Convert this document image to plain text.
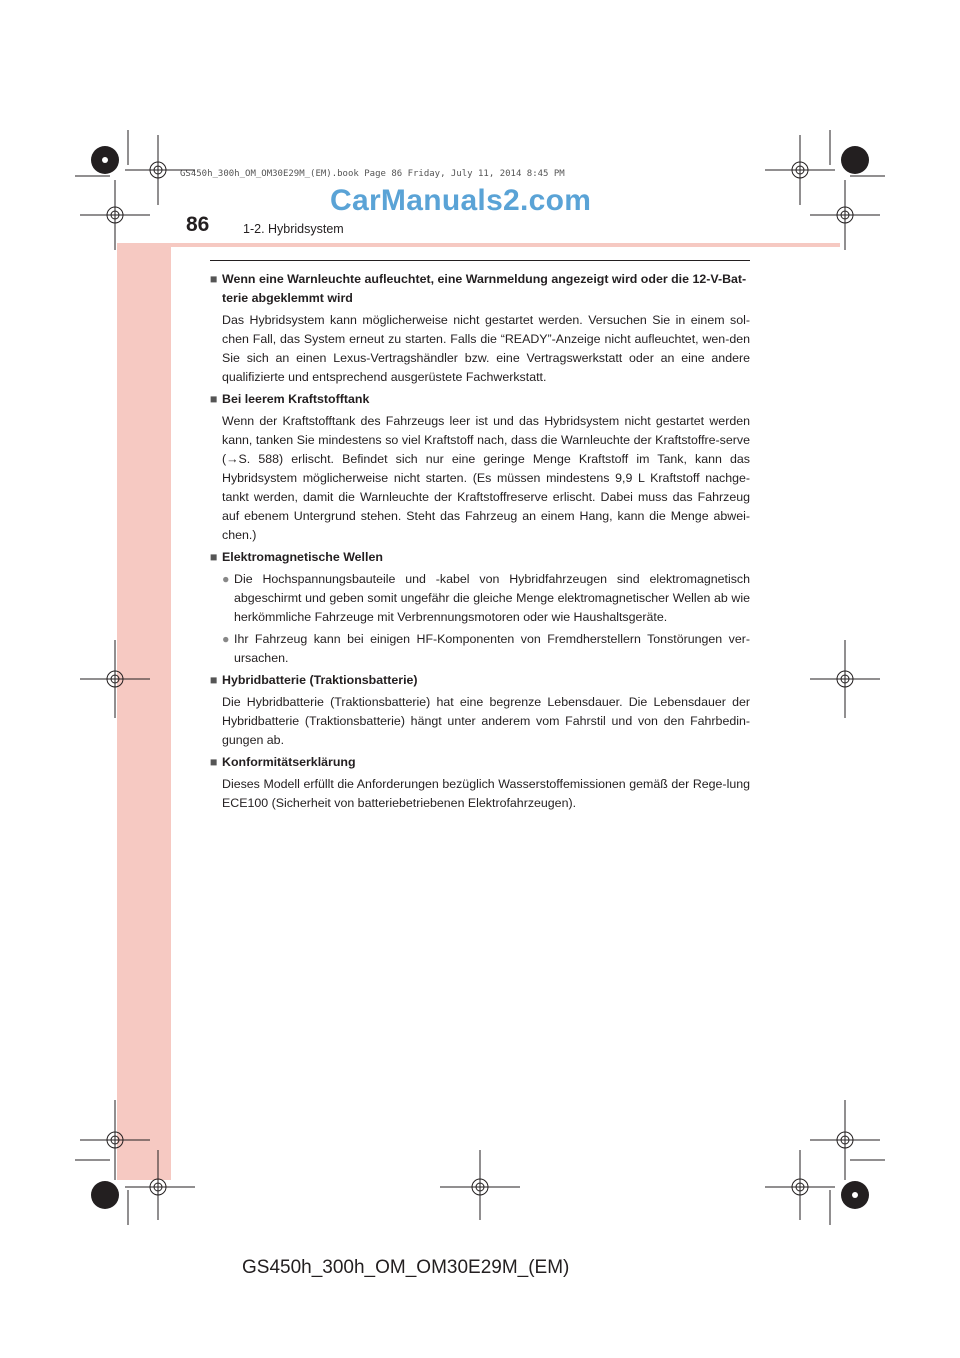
GS450h_300h_OM_OM30E29M_(EM).book Page 86 Friday, July 11, 2014 8:45 PM
CarManuals2.com
86	1-2. Hybridsystem
■ Wenn eine Warnleuchte aufleuchtet, eine Warnmeldung angezeigt wird oder die 12-V-Bat-terie abgeklemmt wird
Das Hybridsystem kann möglicherweise nicht gestartet werden. Versuchen Sie in einem sol-chen Fall, das System erneut zu starten. Falls die “READY”-Anzeige nicht aufleuchtet, wen-den Sie sich an einen Lexus-Vertragshändler bzw. eine Vertragswerkstatt oder an eine andere qualifizierte und entsprechend ausgerüstete Fachwerkstatt.
■ Bei leerem Kraftstofftank
Wenn der Kraftstofftank des Fahrzeugs leer ist und das Hybridsystem nicht gestartet werden kann, tanken Sie mindestens so viel Kraftstoff nach, dass die Warnleuchte der Kraftstoffre-serve (→S. 588) erlischt. Befindet sich nur eine geringe Menge Kraftstoff im Tank, kann das Hybridsystem möglicherweise nicht starten. (Es müssen mindestens 9,9 L Kraftstoff nachge-tankt werden, damit die Warnleuchte der Kraftstoffreserve erlischt. Dabei muss das Fahrzeug auf ebenem Untergrund stehen. Steht das Fahrzeug an einem Hang, kann die Menge abwei-chen.)
■ Elektromagnetische Wellen
● Die Hochspannungsbauteile und -kabel von Hybridfahrzeugen sind elektromagnetisch abgeschirmt und geben somit ungefähr die gleiche Menge elektromagnetischer Wellen ab wie herkömmliche Fahrzeuge mit Verbrennungsmotoren oder wie Haushaltsgeräte.
● Ihr Fahrzeug kann bei einigen HF-Komponenten von Fremdherstellern Tonstörungen ver-ursachen.
■ Hybridbatterie (Traktionsbatterie)
Die Hybridbatterie (Traktionsbatterie) hat eine begrenze Lebensdauer. Die Lebensdauer der Hybridbatterie (Traktionsbatterie) hängt unter anderem vom Fahrstil und von den Fahrbedin-gungen ab.
■ Konformitätserklärung
Dieses Modell erfüllt die Anforderungen bezüglich Wasserstoffemissionen gemäß der Rege-lung ECE100 (Sicherheit von batteriebetriebenen Elektrofahrzeugen).
GS450h_300h_OM_OM30E29M_(EM)
